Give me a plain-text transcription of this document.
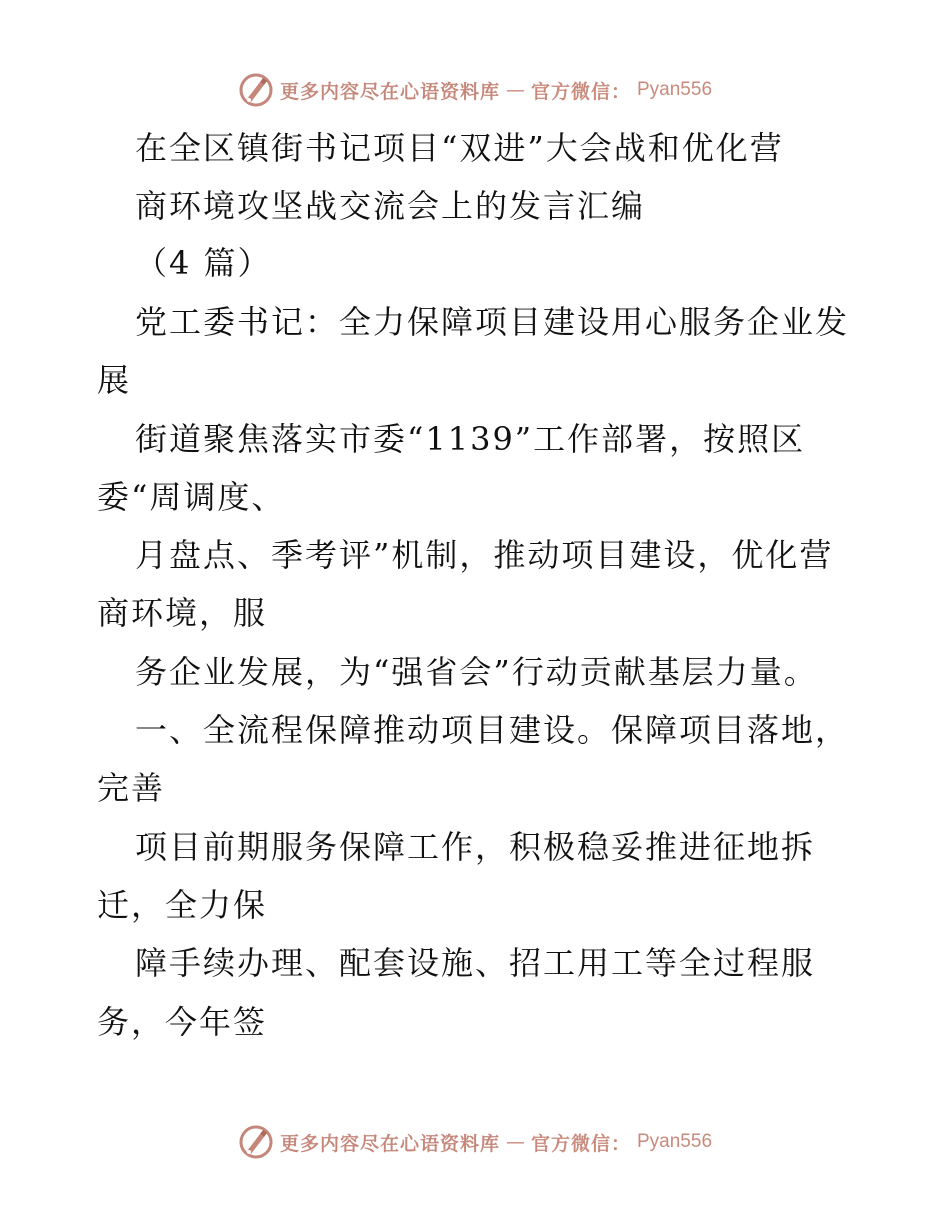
更多内容尽在心语资料库 — 官方微信： Pyan556
在全区镇街书记项目“双进”大会战和优化营
商环境攻坚战交流会上的发言汇编
（4 篇）
党工委书记：全力保障项目建设用心服务企业发
展
街道聚焦落实市委“1139”工作部署，按照区
委“周调度、
月盘点、季考评”机制，推动项目建设，优化营
商环境，服
务企业发展，为“强省会”行动贡献基层力量。
一、全流程保障推动项目建设。保障项目落地，
完善
项目前期服务保障工作，积极稳妥推进征地拆
迁，全力保
障手续办理、配套设施、招工用工等全过程服
务，今年签
更多内容尽在心语资料库 — 官方微信： Pyan556
